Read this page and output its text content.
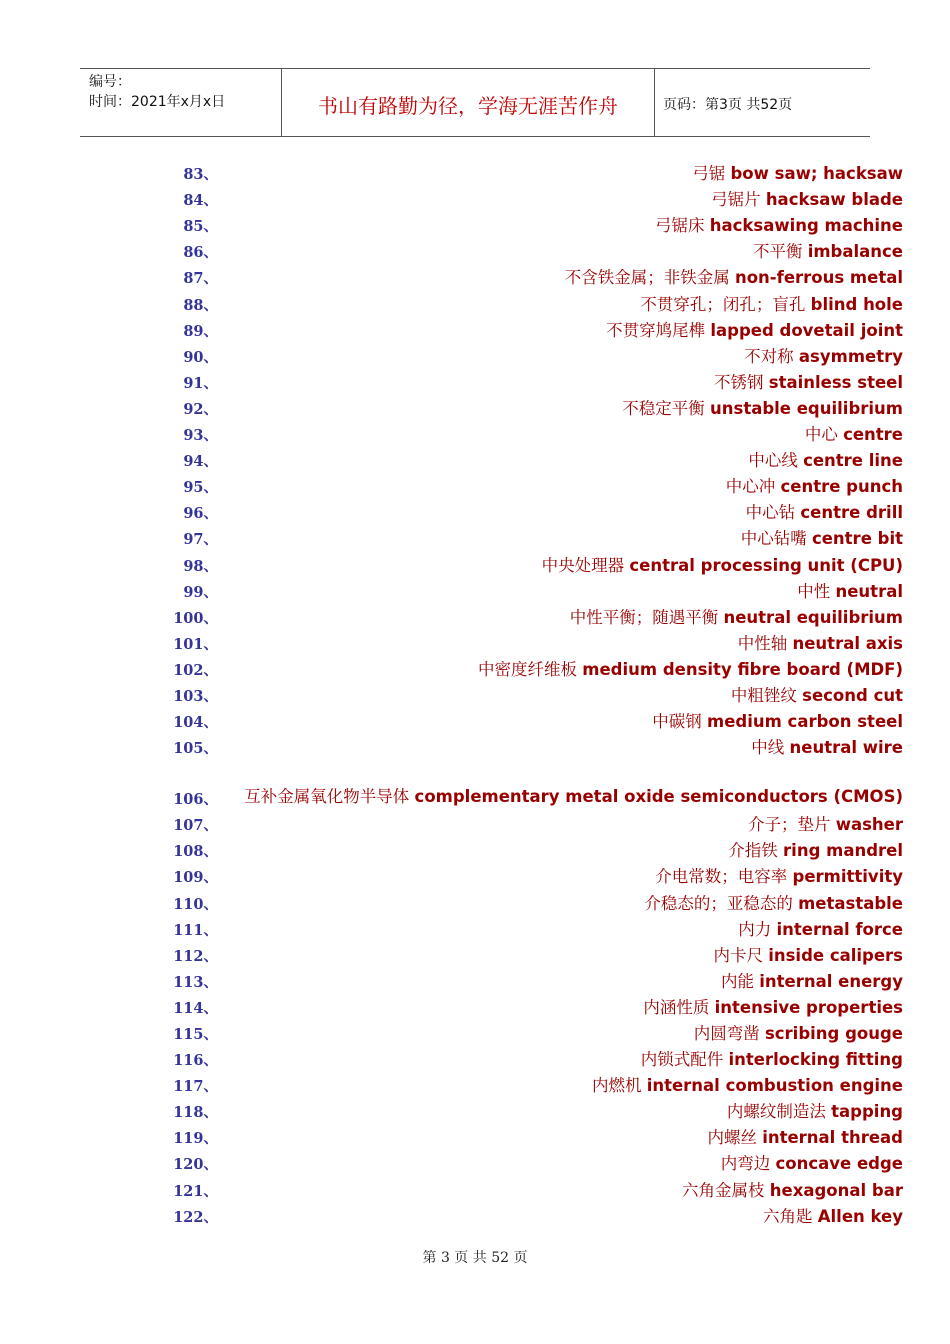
编号：
时间：2021年x月x日	书山有路勤为径，学海无涯苦作舟	页码：第3页 共52页
83、	弓锯 bow saw; hacksaw
84、	弓锯片 hacksaw blade
85、	弓锯床 hacksawing machine
86、	不平衡 imbalance
87、	不含铁金属；非铁金属 non-ferrous metal
88、	不贯穿孔；闭孔；盲孔 blind hole
89、	不贯穿鸠尾榫 lapped dovetail joint
90、	不对称 asymmetry
91、	不锈钢 stainless steel
92、	不稳定平衡 unstable equilibrium
93、	中心 centre
94、	中心线 centre line
95、	中心冲 centre punch
96、	中心钻 centre drill
97、	中心钻嘴 centre bit
98、	中央处理器 central processing unit (CPU)
99、	中性 neutral
100、	中性平衡；随遇平衡 neutral equilibrium
101、	中性轴 neutral axis
102、	中密度纤维板 medium density fibre board (MDF)
103、	中粗锉纹 second cut
104、	中碳钢 medium carbon steel
105、	中线 neutral wire
106、	互补金属氧化物半导体 complementary metal oxide semiconductors (CMOS)
107、	介子；垫片 washer
108、	介指铁 ring mandrel
109、	介电常数；电容率 permittivity
110、	介稳态的；亚稳态的 metastable
111、	内力 internal force
112、	内卡尺 inside calipers
113、	内能 internal energy
114、	内涵性质 intensive properties
115、	内圆弯凿 scribing gouge
116、	内锁式配件 interlocking fitting
117、	内燃机 internal combustion engine
118、	内螺纹制造法 tapping
119、	内螺丝 internal thread
120、	内弯边 concave edge
121、	六角金属枝 hexagonal bar
122、	六角匙 Allen key
第 3 页 共 52 页
